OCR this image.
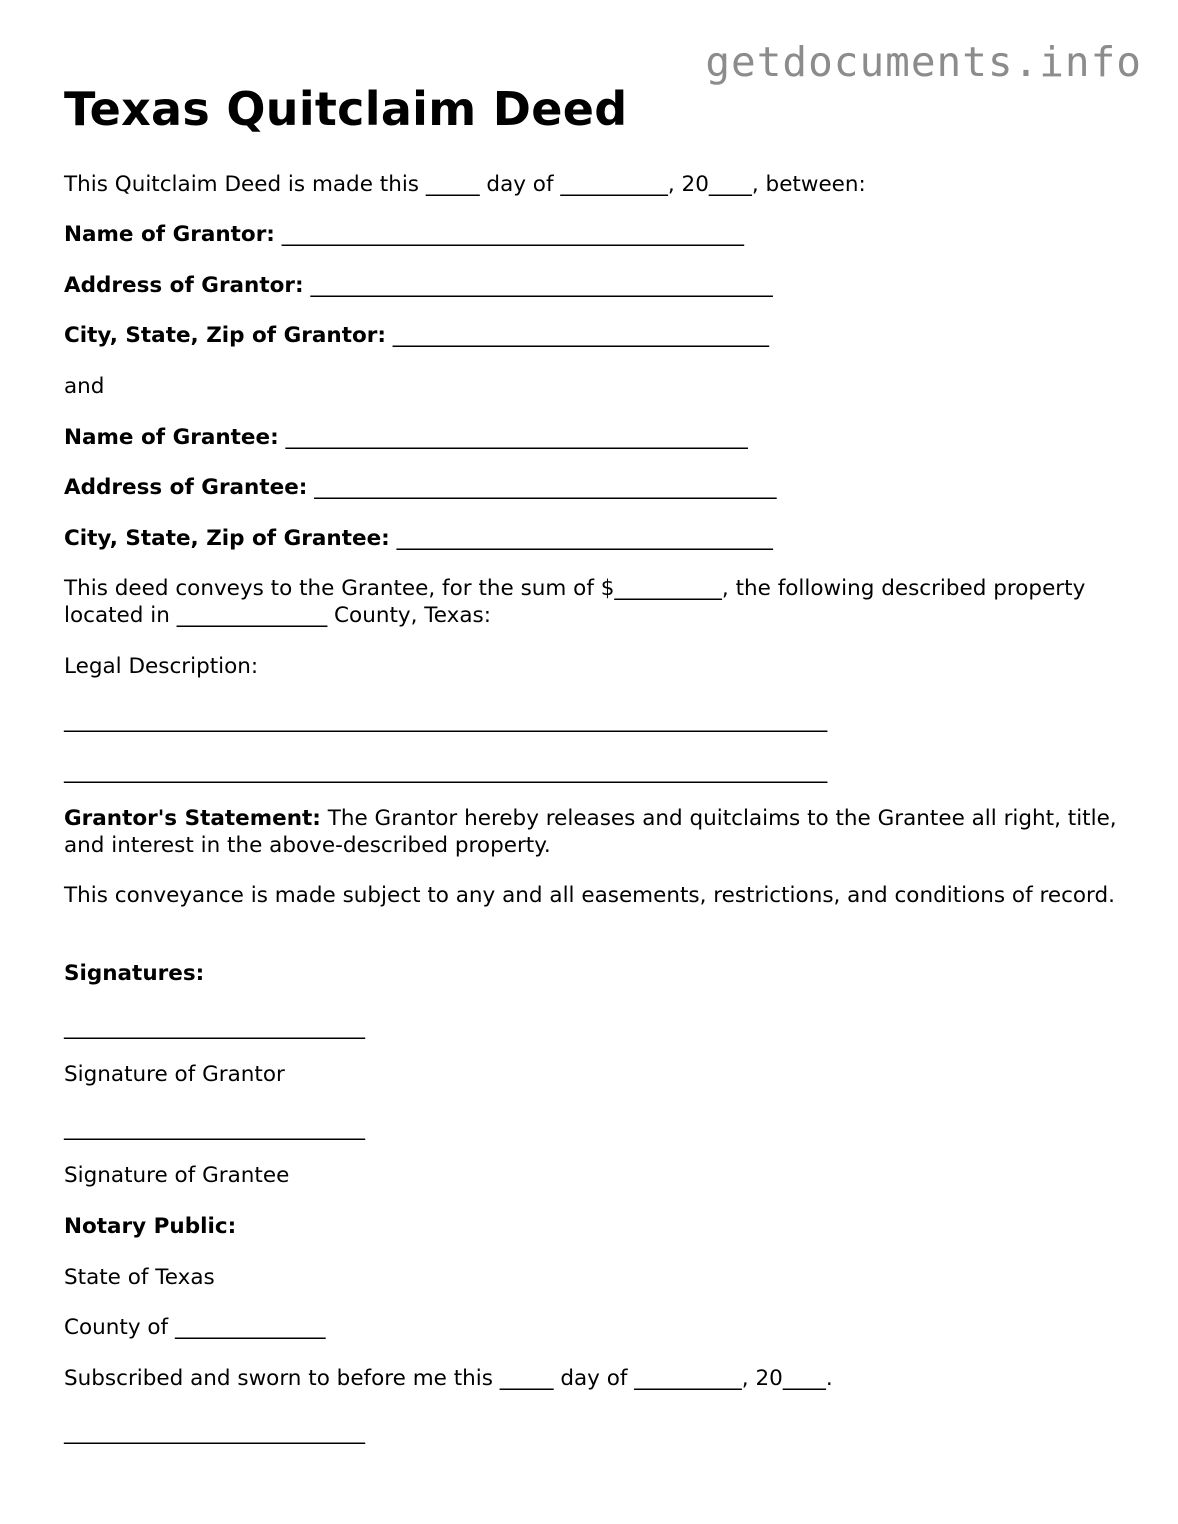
getdocuments.info
Texas Quitclaim Deed
This Quitclaim Deed is made this _____ day of __________, 20____, between:
Name of Grantor: ___________________________________________
Address of Grantor: ___________________________________________
City, State, Zip of Grantor: ___________________________________
and
Name of Grantee: ___________________________________________
Address of Grantee: ___________________________________________
City, State, Zip of Grantee: ___________________________________
This deed conveys to the Grantee, for the sum of $__________, the following described property located in ______________ County, Texas:
Legal Description:
_______________________________________________________________________
_______________________________________________________________________
Grantor's Statement: The Grantor hereby releases and quitclaims to the Grantee all right, title, and interest in the above-described property.
This conveyance is made subject to any and all easements, restrictions, and conditions of record.
Signatures:
____________________________
Signature of Grantor
____________________________
Signature of Grantee
Notary Public:
State of Texas
County of ______________
Subscribed and sworn to before me this _____ day of __________, 20____.
____________________________
